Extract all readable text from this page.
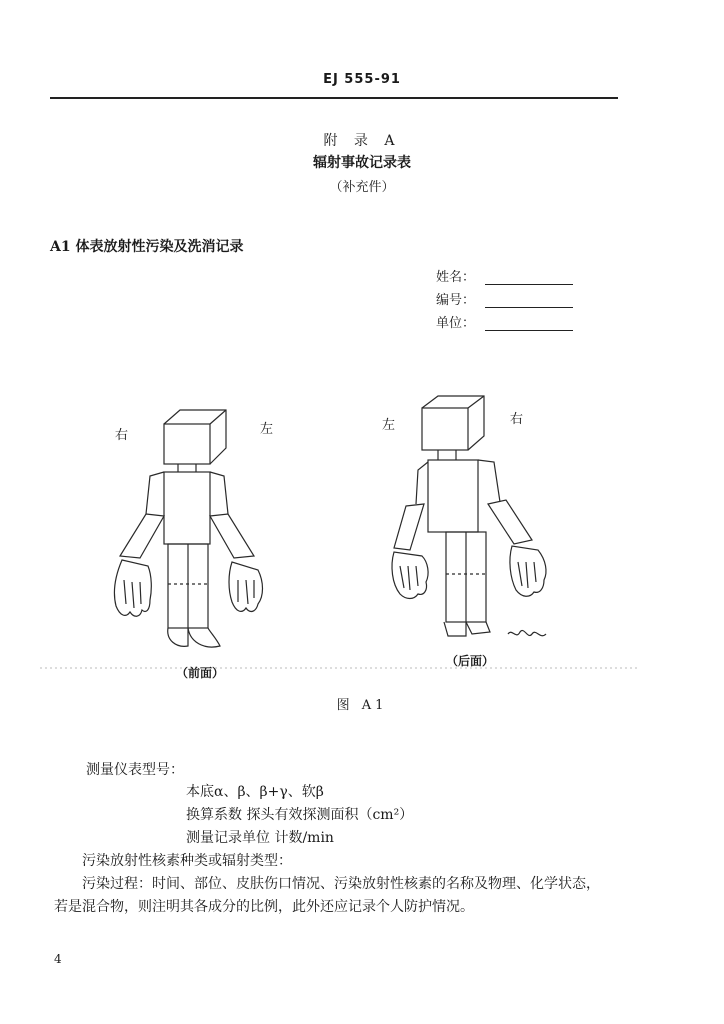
EJ 555-91
附 录 A
辐射事故记录表
（补充件）
A1 体表放射性污染及洗消记录
姓名：
编号：
单位：
右	左	左	右
（前面）
（后面）
图 A1
测量仪表型号：
本底α、β、β+γ、软β
换算系数 探头有效探测面积（cm²）
测量记录单位 计数/min
污染放射性核素种类或辐射类型：
污染过程：时间、部位、皮肤伤口情况、污染放射性核素的名称及物理、化学状态，
若是混合物，则注明其各成分的比例，此外还应记录个人防护情况。
4
